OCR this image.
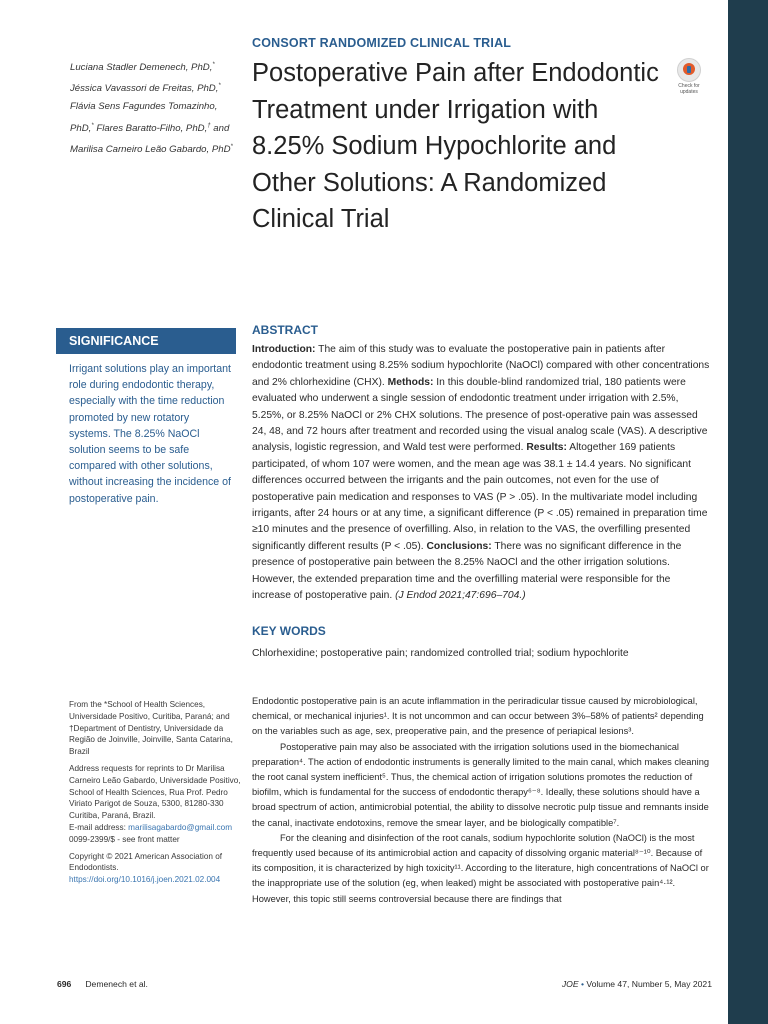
CONSORT RANDOMIZED CLINICAL TRIAL
Postoperative Pain after Endodontic Treatment under Irrigation with 8.25% Sodium Hypochlorite and Other Solutions: A Randomized Clinical Trial
Check for updates
Luciana Stadler Demenech, PhD,* Jéssica Vavassori de Freitas, PhD,* Flávia Sens Fagundes Tomazinho, PhD,* Flares Baratto-Filho, PhD,† and Marilisa Carneiro Leão Gabardo, PhD*
SIGNIFICANCE
Irrigant solutions play an important role during endodontic therapy, especially with the time reduction promoted by new rotatory systems. The 8.25% NaOCl solution seems to be safe compared with other solutions, without increasing the incidence of postoperative pain.
ABSTRACT
Introduction: The aim of this study was to evaluate the postoperative pain in patients after endodontic treatment using 8.25% sodium hypochlorite (NaOCl) compared with other concentrations and 2% chlorhexidine (CHX). Methods: In this double-blind randomized trial, 180 patients were evaluated who underwent a single session of endodontic treatment under irrigation with 2.5%, 5.25%, or 8.25% NaOCl or 2% CHX solutions. The presence of post-operative pain was assessed 24, 48, and 72 hours after treatment and recorded using the visual analog scale (VAS). A descriptive analysis, logistic regression, and Wald test were performed. Results: Altogether 169 patients participated, of whom 107 were women, and the mean age was 38.1 ± 14.4 years. No significant differences occurred between the irrigants and the pain outcomes, not even for the use of postoperative pain medication and responses to VAS (P > .05). In the multivariate model including irrigants, after 24 hours or at any time, a significant difference (P < .05) remained in preparation time ≥10 minutes and the presence of overfilling. Also, in relation to the VAS, the overfilling presented significantly different results (P < .05). Conclusions: There was no significant difference in the presence of postoperative pain between the 8.25% NaOCl and the other irrigation solutions. However, the extended preparation time and the overfilling material were responsible for the increase of postoperative pain. (J Endod 2021;47:696–704.)
KEY WORDS
Chlorhexidine; postoperative pain; randomized controlled trial; sodium hypochlorite

From the *School of Health Sciences, Universidade Positivo, Curitiba, Paraná; and †Department of Dentistry, Universidade da Região de Joinville, Joinville, Santa Catarina, Brazil

Address requests for reprints to Dr Marilisa Carneiro Leão Gabardo, Universidade Positivo, School of Health Sciences, Rua Prof. Pedro Viriato Parigot de Souza, 5300, 81280-330 Curitiba, Paraná, Brazil.
E-mail address: marilisagabardo@gmail.com
0099-2399/$ - see front matter

Copyright © 2021 American Association of Endodontists.
https://doi.org/10.1016/j.joen.2021.02.004

Endodontic postoperative pain is an acute inflammation in the periradicular tissue caused by microbiological, chemical, or mechanical injuries¹. It is not uncommon and can occur between 3%–58% of patients² depending on the variables such as age, sex, preoperative pain, and the presence of periapical lesions³.

Postoperative pain may also be associated with the irrigation solutions used in the biomechanical preparation⁴. The action of endodontic instruments is generally limited to the main canal, which makes cleaning the root canal system inefficient⁵. Thus, the chemical action of irrigation solutions promotes the reduction of biofilm, which is fundamental for the success of endodontic therapy⁶⁻⁸. Ideally, these solutions should have a broad spectrum of action, antimicrobial potential, the ability to dissolve necrotic pulp tissue and remnants inside the canal, inactivate endotoxins, remove the smear layer, and be biologically compatible⁷.

For the cleaning and disinfection of the root canals, sodium hypochlorite solution (NaOCl) is the most frequently used because of its antimicrobial action and capacity of dissolving organic material⁸⁻¹⁰. Because of its composition, it is characterized by high toxicity¹¹. According to the literature, high concentrations of NaOCl or the inappropriate use of the solution (eg, when leaked) might be associated with postoperative pain⁴·¹². However, this topic still seems controversial because there are findings that

696 Demenech et al.	JOE • Volume 47, Number 5, May 2021
